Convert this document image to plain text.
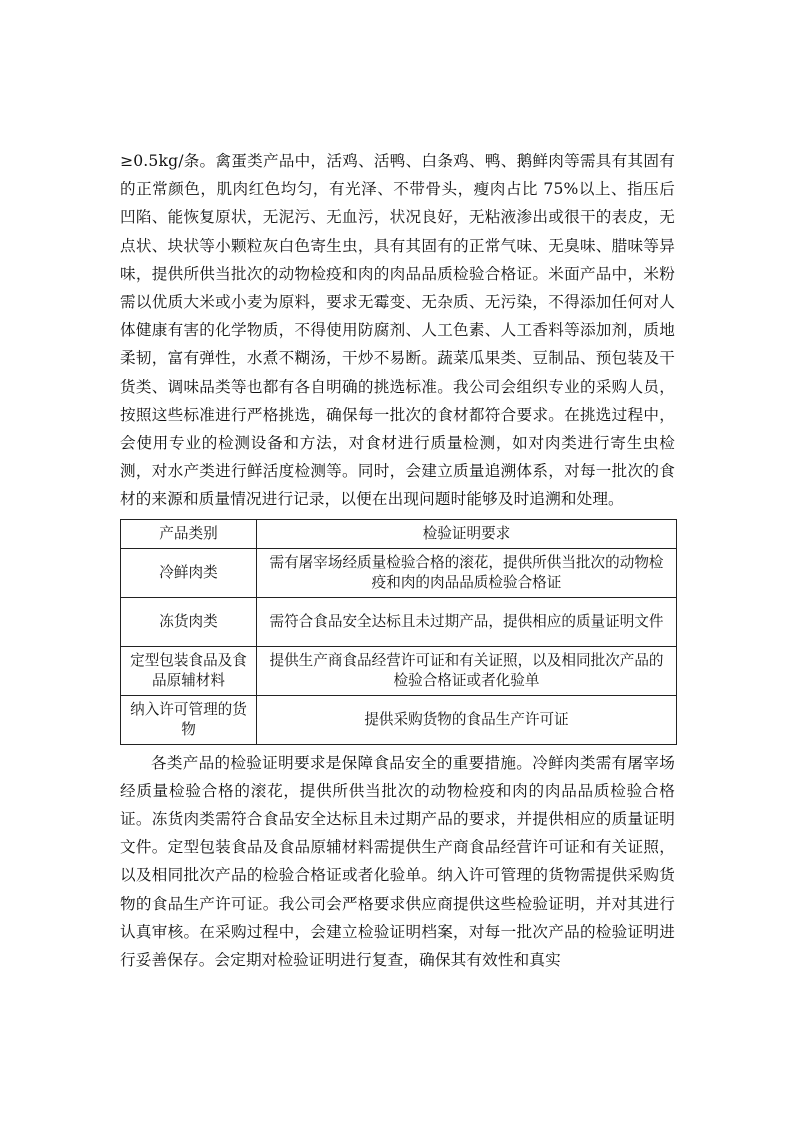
≥0.5kg/条。禽蛋类产品中，活鸡、活鸭、白条鸡、鸭、鹅鲜肉等需具有其固有的正常颜色，肌肉红色均匀，有光泽、不带骨头，瘦肉占比 75%以上、指压后凹陷、能恢复原状，无泥污、无血污，状况良好，无粘液渗出或很干的表皮，无点状、块状等小颗粒灰白色寄生虫，具有其固有的正常气味、无臭味、腊味等异味，提供所供当批次的动物检疫和肉的肉品品质检验合格证。米面产品中，米粉需以优质大米或小麦为原料，要求无霉变、无杂质、无污染，不得添加任何对人体健康有害的化学物质，不得使用防腐剂、人工色素、人工香料等添加剂，质地柔韧，富有弹性，水煮不糊汤，干炒不易断。蔬菜瓜果类、豆制品、预包装及干货类、调味品类等也都有各自明确的挑选标准。我公司会组织专业的采购人员，按照这些标准进行严格挑选，确保每一批次的食材都符合要求。在挑选过程中，会使用专业的检测设备和方法，对食材进行质量检测，如对肉类进行寄生虫检测，对水产类进行鲜活度检测等。同时，会建立质量追溯体系，对每一批次的食材的来源和质量情况进行记录，以便在出现问题时能够及时追溯和处理。

产品类别	检验证明要求
冷鲜肉类	需有屠宰场经质量检验合格的滚花，提供所供当批次的动物检疫和肉的肉品品质检验合格证
冻货肉类	需符合食品安全达标且未过期产品，提供相应的质量证明文件
定型包装食品及食品原辅材料	提供生产商食品经营许可证和有关证照，以及相同批次产品的检验合格证或者化验单
纳入许可管理的货物	提供采购货物的食品生产许可证

各类产品的检验证明要求是保障食品安全的重要措施。冷鲜肉类需有屠宰场经质量检验合格的滚花，提供所供当批次的动物检疫和肉的肉品品质检验合格证。冻货肉类需符合食品安全达标且未过期产品的要求，并提供相应的质量证明文件。定型包装食品及食品原辅材料需提供生产商食品经营许可证和有关证照，以及相同批次产品的检验合格证或者化验单。纳入许可管理的货物需提供采购货物的食品生产许可证。我公司会严格要求供应商提供这些检验证明，并对其进行认真审核。在采购过程中，会建立检验证明档案，对每一批次产品的检验证明进行妥善保存。会定期对检验证明进行复查，确保其有效性和真实
